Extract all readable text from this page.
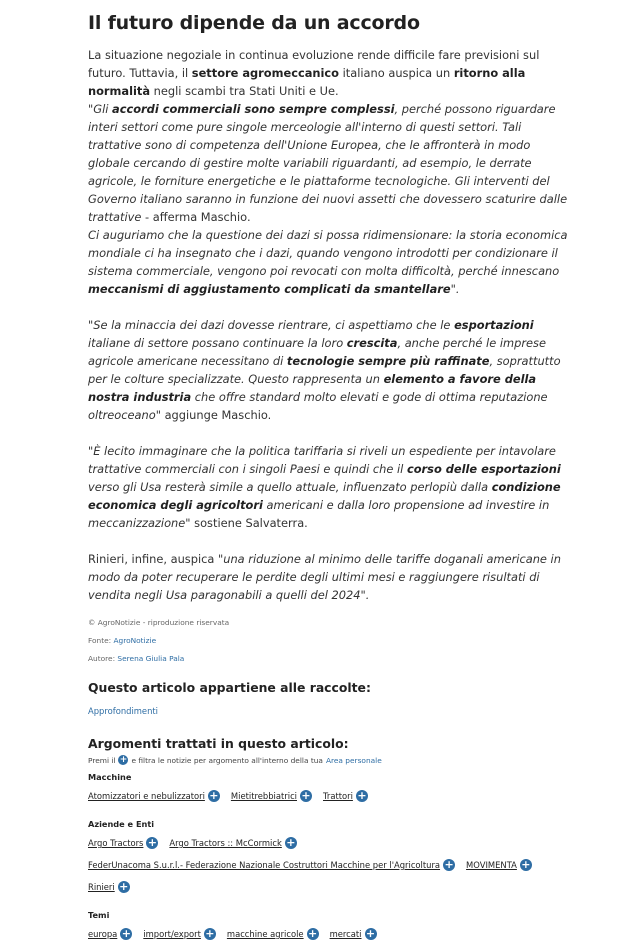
Il futuro dipende da un accordo

La situazione negoziale in continua evoluzione rende difficile fare previsioni sul futuro. Tuttavia, il settore agromeccanico italiano auspica un ritorno alla normalità negli scambi tra Stati Uniti e Ue.

"Gli accordi commerciali sono sempre complessi, perché possono riguardare interi settori come pure singole merceologie all'interno di questi settori. Tali trattative sono di competenza dell'Unione Europea, che le affronterà in modo globale cercando di gestire molte variabili riguardanti, ad esempio, le derrate agricole, le forniture energetiche e le piattaforme tecnologiche. Gli interventi del Governo italiano saranno in funzione dei nuovi assetti che dovessero scaturire dalle trattative - afferma Maschio.

Ci auguriamo che la questione dei dazi si possa ridimensionare: la storia economica mondiale ci ha insegnato che i dazi, quando vengono introdotti per condizionare il sistema commerciale, vengono poi revocati con molta difficoltà, perché innescano meccanismi di aggiustamento complicati da smantellare".

"Se la minaccia dei dazi dovesse rientrare, ci aspettiamo che le esportazioni italiane di settore possano continuare la loro crescita, anche perché le imprese agricole americane necessitano di tecnologie sempre più raffinate, soprattutto per le colture specializzate. Questo rappresenta un elemento a favore della nostra industria che offre standard molto elevati e gode di ottima reputazione oltreoceano" aggiunge Maschio.

"È lecito immaginare che la politica tariffaria si riveli un espediente per intavolare trattative commerciali con i singoli Paesi e quindi che il corso delle esportazioni verso gli Usa resterà simile a quello attuale, influenzato perlopiù dalla condizione economica degli agricoltori americani e dalla loro propensione ad investire in meccanizzazione" sostiene Salvaterra.

Rinieri, infine, auspica "una riduzione al minimo delle tariffe doganali americane in modo da poter recuperare le perdite degli ultimi mesi e raggiungere risultati di vendita negli Usa paragonabili a quelli del 2024".

© AgroNotizie - riproduzione riservata
Fonte: AgroNotizie
Autore: Serena Giulia Pala
Questo articolo appartiene alle raccolte:
Approfondimenti
Argomenti trattati in questo articolo:
Premi il + e filtra le notizie per argomento all'interno della tua Area personale
Macchine
Atomizzatori e nebulizzatori + Mietitrebbiatrici + Trattori +
Aziende e Enti
Argo Tractors + Argo Tractors :: McCormick +
FederUnacoma S.u.r.l.- Federazione Nazionale Costruttori Macchine per l'Agricoltura + MOVIMENTA +
Rinieri +
Temi
europa + import/export + macchine agricole + mercati +
